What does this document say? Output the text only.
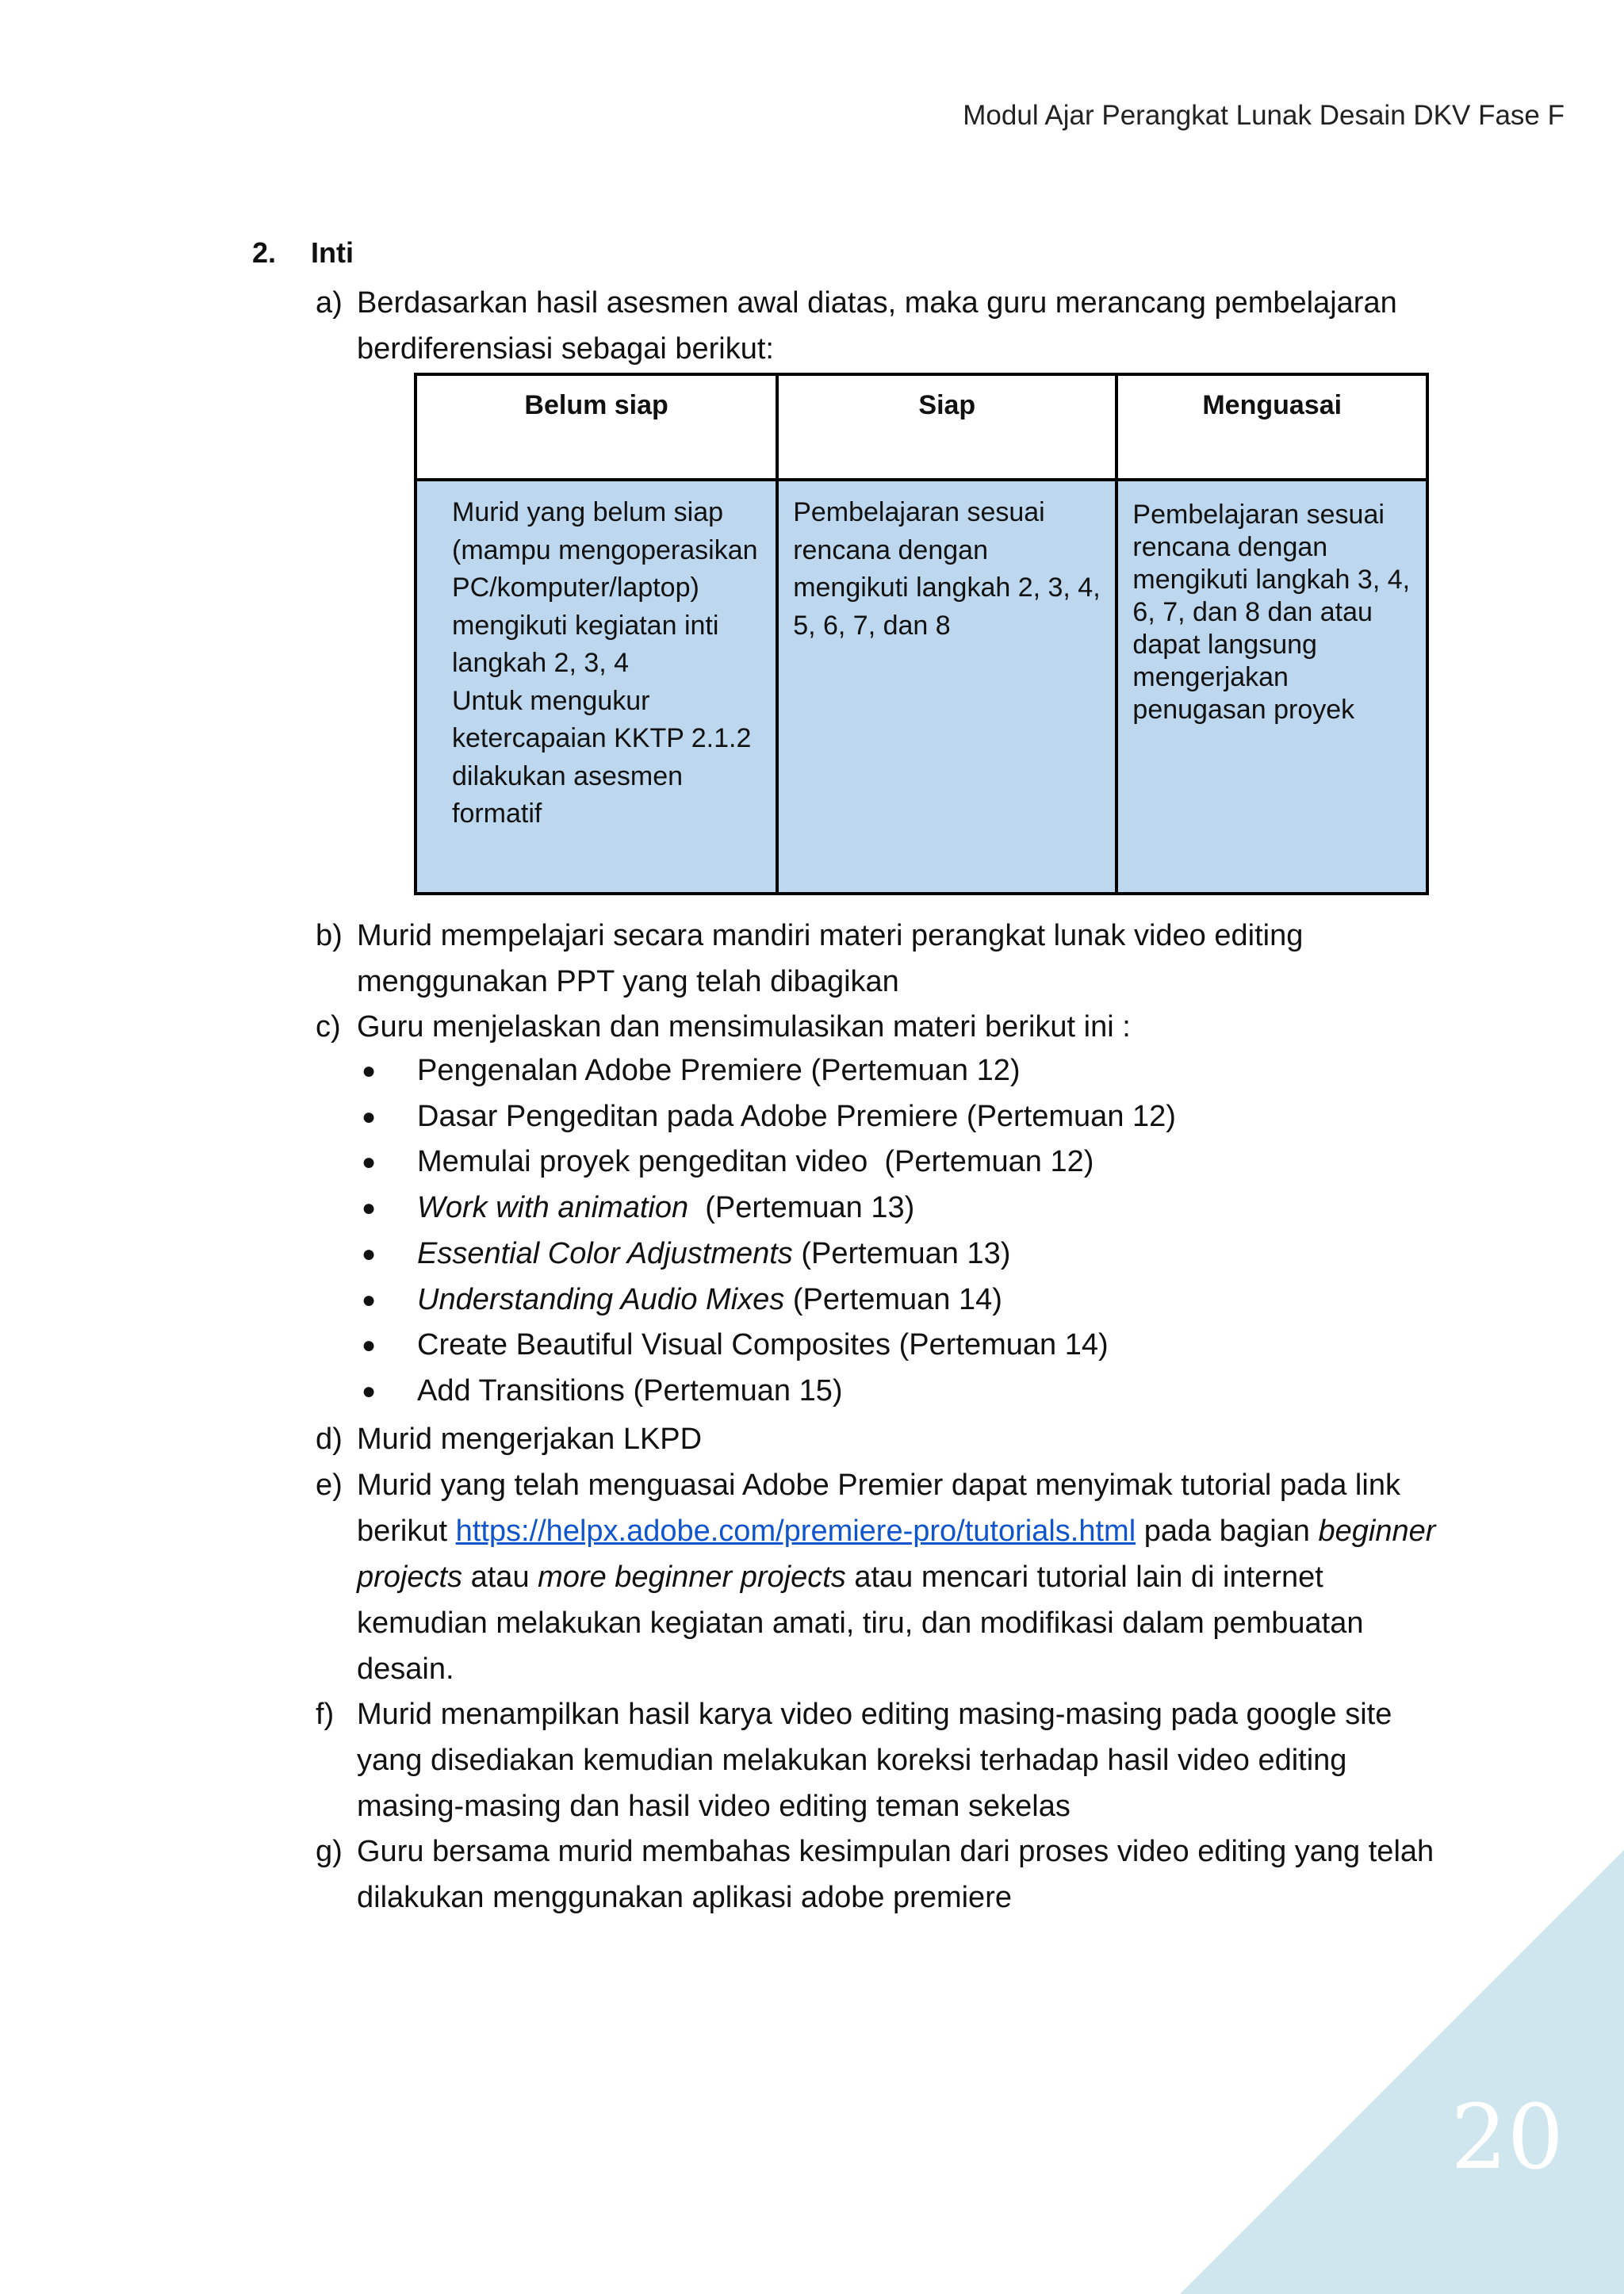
20
Modul Ajar Perangkat Lunak Desain DKV Fase F
2. Inti
a) Berdasarkan hasil asesmen awal diatas, maka guru merancang pembelajaran berdiferensiasi sebagai berikut:
Belum siap	Siap	Menguasai
Murid yang belum siap (mampu mengoperasikan PC/komputer/laptop) mengikuti kegiatan inti langkah 2, 3, 4
Untuk mengukur ketercapaian KKTP 2.1.2 dilakukan asesmen formatif	Pembelajaran sesuai rencana dengan mengikuti langkah 2, 3, 4, 5, 6, 7, dan 8	Pembelajaran sesuai rencana dengan mengikuti langkah 3, 4, 6, 7, dan 8 dan atau dapat langsung mengerjakan penugasan proyek
b) Murid mempelajari secara mandiri materi perangkat lunak video editing menggunakan PPT yang telah dibagikan
c) Guru menjelaskan dan mensimulasikan materi berikut ini :
● Pengenalan Adobe Premiere (Pertemuan 12)
● Dasar Pengeditan pada Adobe Premiere (Pertemuan 12)
● Memulai proyek pengeditan video  (Pertemuan 12)
● Work with animation  (Pertemuan 13)
● Essential Color Adjustments (Pertemuan 13)
● Understanding Audio Mixes (Pertemuan 14)
● Create Beautiful Visual Composites (Pertemuan 14)
● Add Transitions (Pertemuan 15)
d) Murid mengerjakan LKPD
e) Murid yang telah menguasai Adobe Premier dapat menyimak tutorial pada link berikut https://helpx.adobe.com/premiere-pro/tutorials.html pada bagian beginner projects atau more beginner projects atau mencari tutorial lain di internet kemudian melakukan kegiatan amati, tiru, dan modifikasi dalam pembuatan desain.
f) Murid menampilkan hasil karya video editing masing-masing pada google site yang disediakan kemudian melakukan koreksi terhadap hasil video editing masing-masing dan hasil video editing teman sekelas
g) Guru bersama murid membahas kesimpulan dari proses video editing yang telah dilakukan menggunakan aplikasi adobe premiere
